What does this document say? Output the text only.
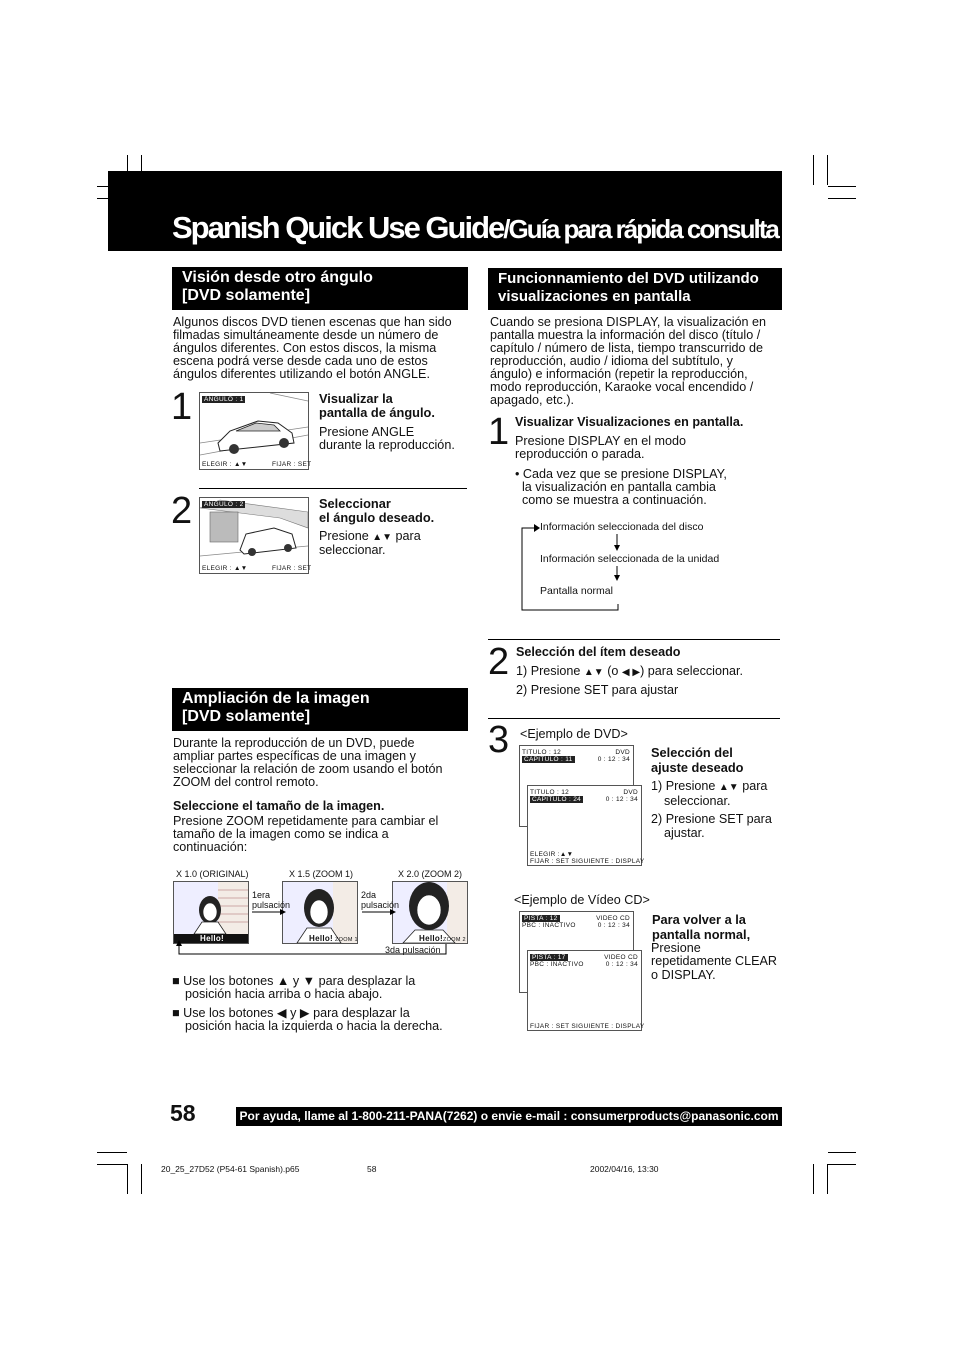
Spanish Quick Use Guide/Guía para rápida consulta
Visión desde otro ángulo
[DVD solamente]
Algunos discos DVD tienen escenas que han sido
filmadas simultáneamente desde un número de
ángulos diferentes. Con estos discos, la misma
escena podrá verse desde cada uno de estos
ángulos diferentes utilizando el botón ANGLE.
1	ÁNGULO : 1
ELEGIR : ▲▼	FIJAR : SET
Visualizar la
pantalla de ángulo.
Presione ANGLE
durante la reproducción.
2	ÁNGULO : 2
ELEGIR : ▲▼	FIJAR : SET
Seleccionar
el ángulo deseado.
Presione ▲▼ para
seleccionar.
Ampliación de la imagen
[DVD solamente]
Durante la reproducción de un DVD, puede
ampliar partes específicas de una imagen y
seleccionar la relación de zoom usando el botón
ZOOM del control remoto.
Seleccione el tamaño de la imagen.
Presione ZOOM repetidamente para cambiar el
tamaño de la imagen como se indica a
continuación:
X 1.0 (ORIGINAL)	X 1.5 (ZOOM 1)	X 2.0 (ZOOM 2)
Hello!	Hello! ZOOM 1	Hello! ZOOM 2
1era
pulsación
2da
pulsación
3da pulsación
■ Use los botones ▲ y ▼ para desplazar la
posición hacia arriba o hacia abajo.
■ Use los botones ◀ y ▶ para desplazar la
posición hacia la izquierda o hacia la derecha.
Funcionnamiento del DVD utilizando
visualizaciones en pantalla
Cuando se presiona DISPLAY, la visualización en
pantalla muestra la información del disco (título /
capítulo / número de lista, tiempo transcurrido de
reproducción, audio / idioma del subtítulo, y
ángulo) e información (repetir la reproducción,
modo reproducción, Karaoke vocal encendido /
apagado, etc.).
1 Visualizar Visualizaciones en pantalla.
Presione DISPLAY en el modo
reproducción o parada.
• Cada vez que se presione DISPLAY,
la visualización en pantalla cambia
como se muestra a continuación.
Información seleccionada del disco
Información seleccionada de la unidad
Pantalla normal
2 Selección del ítem deseado
1) Presione ▲▼ (o ◀ ▶) para seleccionar.
2) Presione SET para ajustar
3 <Ejemplo de DVD>
TITULO : 12
CAPITULO : 11
DVD
0 : 12 : 34
TITULO : 12
CAPITULO : 24
DVD
0 : 12 : 34
ELEGIR :▲▼
FIJAR : SET SIGUIENTE : DISPLAY
Selección del
ajuste deseado
1) Presione ▲▼ para
seleccionar.
2) Presione SET para
ajustar.
<Ejemplo de Vídeo CD>
PISTA : 12
PBC : INACTIVO
VIDEO CD
0 : 12 : 34
PISTA : 17
PBC : INACTIVO
VIDEO CD
0 : 12 : 34
FIJAR : SET SIGUIENTE : DISPLAY
Para volver a la
pantalla normal,
Presione
repetidamente CLEAR
o DISPLAY.
58	Por ayuda, llame al 1-800-211-PANA(7262) o envie e-mail : consumerproducts@panasonic.com
20_25_27D52 (P54-61 Spanish).p65	58	2002/04/16, 13:30
